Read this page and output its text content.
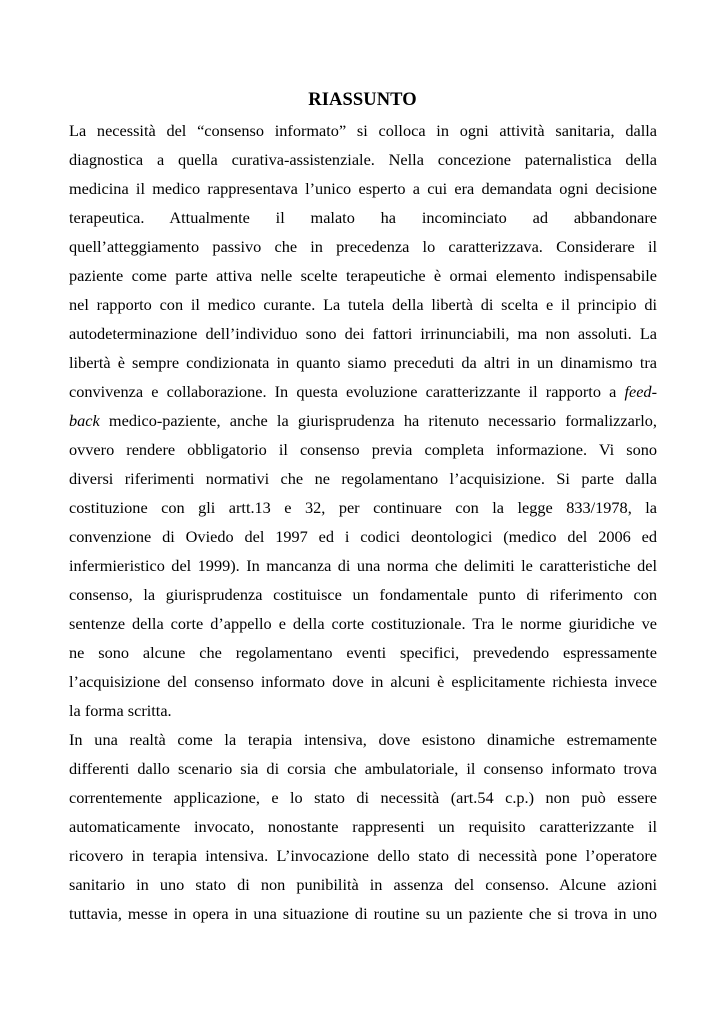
RIASSUNTO
La necessità del “consenso informato” si colloca in ogni attività sanitaria, dalla
diagnostica a quella curativa-assistenziale. Nella concezione paternalistica della
medicina il medico rappresentava l’unico esperto a cui era demandata ogni decisione
terapeutica. Attualmente il malato ha incominciato ad abbandonare
quell’atteggiamento passivo che in precedenza lo caratterizzava. Considerare il
paziente come parte attiva nelle scelte terapeutiche è ormai elemento indispensabile
nel rapporto con il medico curante. La tutela della libertà di scelta e il principio di
autodeterminazione dell’individuo sono dei fattori irrinunciabili, ma non assoluti. La
libertà è sempre condizionata in quanto siamo preceduti da altri in un dinamismo tra
convivenza e collaborazione. In questa evoluzione caratterizzante il rapporto a feed-
back medico-paziente, anche la giurisprudenza ha ritenuto necessario formalizzarlo,
ovvero rendere obbligatorio il consenso previa completa informazione. Vi sono
diversi riferimenti normativi che ne regolamentano l’acquisizione. Si parte dalla
costituzione con gli artt.13 e 32, per continuare con la legge 833/1978, la
convenzione di Oviedo del 1997 ed i codici deontologici (medico del 2006 ed
infermieristico del 1999). In mancanza di una norma che delimiti le caratteristiche del
consenso, la giurisprudenza costituisce un fondamentale punto di riferimento con
sentenze della corte d’appello e della corte costituzionale. Tra le norme giuridiche ve
ne sono alcune che regolamentano eventi specifici, prevedendo espressamente
l’acquisizione del consenso informato dove in alcuni è esplicitamente richiesta invece
la forma scritta.
In una realtà come la terapia intensiva, dove esistono dinamiche estremamente
differenti dallo scenario sia di corsia che ambulatoriale, il consenso informato trova
correntemente applicazione, e lo stato di necessità (art.54 c.p.) non può essere
automaticamente invocato, nonostante rappresenti un requisito caratterizzante il
ricovero in terapia intensiva. L’invocazione dello stato di necessità pone l’operatore
sanitario in uno stato di non punibilità in assenza del consenso. Alcune azioni
tuttavia, messe in opera in una situazione di routine su un paziente che si trova in uno
